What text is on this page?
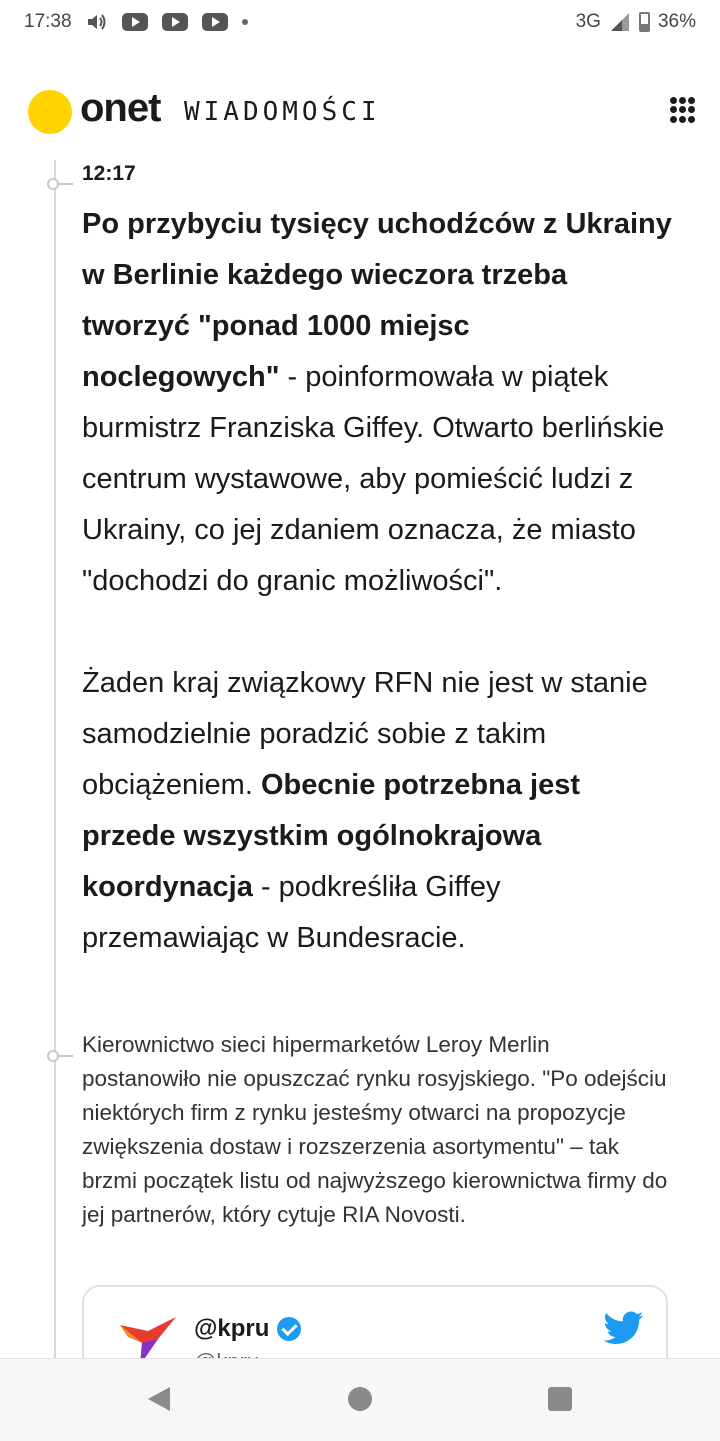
17:38	3G	36%
onet WIADOMOŚCI
12:17

Po przybyciu tysięcy uchodźców z Ukrainy w Berlinie każdego wieczora trzeba tworzyć "ponad 1000 miejsc noclegowych" - poinformowała w piątek burmistrz Franziska Giffey. Otwarto berlińskie centrum wystawowe, aby pomieścić ludzi z Ukrainy, co jej zdaniem oznacza, że miasto "dochodzi do granic możliwości".

Żaden kraj związkowy RFN nie jest w stanie samodzielnie poradzić sobie z takim obciążeniem. Obecnie potrzebna jest przede wszystkim ogólnokrajowa koordynacja - podkreśliła Giffey przemawiając w Bundesracie.

Kierownictwo sieci hipermarketów Leroy Merlin postanowiło nie opuszczać rynku rosyjskiego. "Po odejściu niektórych firm z rynku jesteśmy otwarci na propozycje zwiększenia dostaw i rozszerzenia asortymentu" – tak brzmi początek listu od najwyższego kierownictwa firmy do jej partnerów, który cytuje RIA Novosti.
@kpru
